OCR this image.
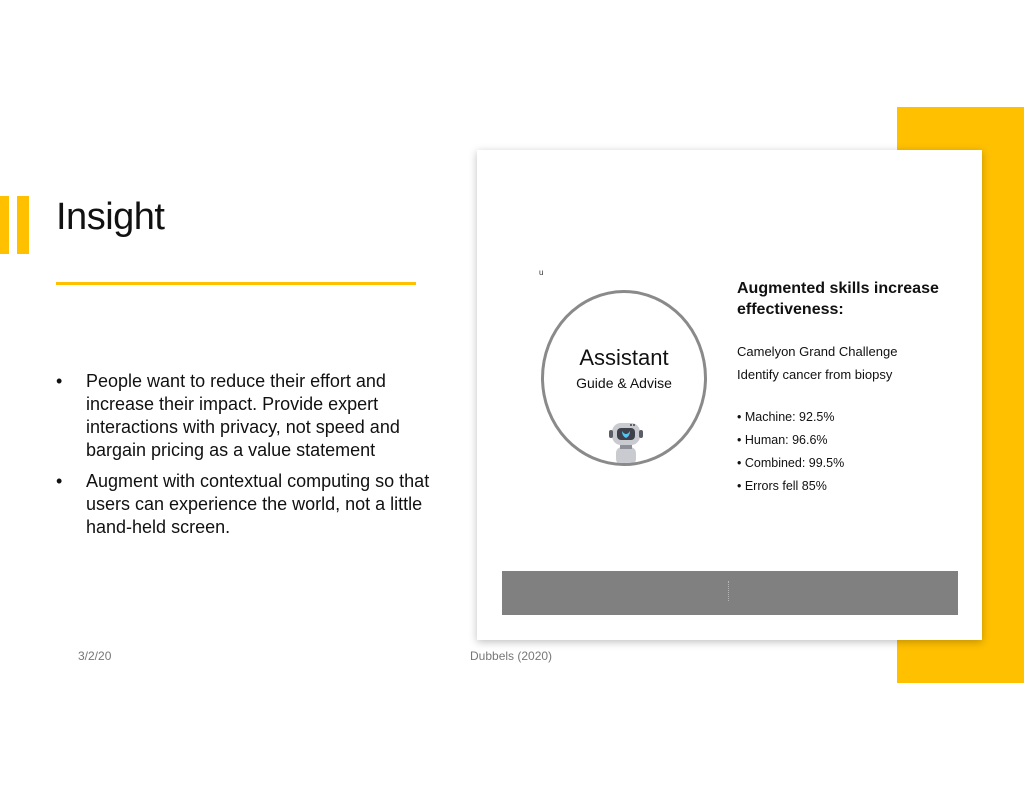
Insight
• People want to reduce their effort and increase their impact. Provide expert interactions with privacy, not speed and bargain pricing as a value statement
• Augment with contextual computing so that users can experience the world, not a little hand-held screen.
3/2/20	Dubbels (2020)
u
Assistant
Guide & Advise
Augmented skills increase effectiveness:
Camelyon Grand Challenge
Identify cancer from biopsy
• Machine: 92.5%
• Human: 96.6%
• Combined: 99.5%
• Errors fell 85%
